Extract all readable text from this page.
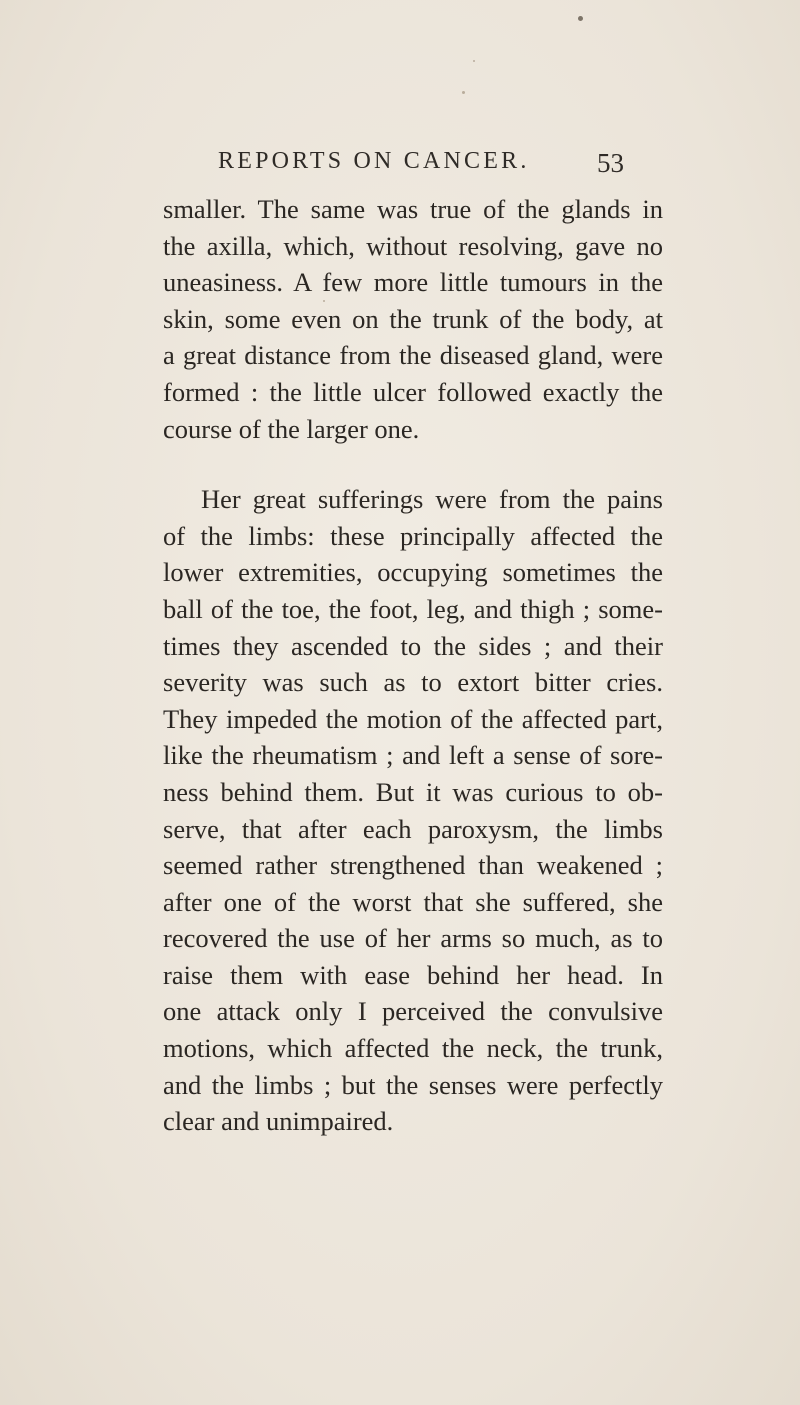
REPORTS ON CANCER. 53
smaller. The same was true of the glands in
the axilla, which, without resolving, gave no
uneasiness. A few more little tumours in the
skin, some even on the trunk of the body, at
a great distance from the diseased gland, were
formed : the little ulcer followed exactly the
course of the larger one.
Her great sufferings were from the pains
of the limbs: these principally affected the
lower extremities, occupying sometimes the
ball of the toe, the foot, leg, and thigh ; some-
times they ascended to the sides ; and their
severity was such as to extort bitter cries.
They impeded the motion of the affected part,
like the rheumatism ; and left a sense of sore-
ness behind them. But it was curious to ob-
serve, that after each paroxysm, the limbs
seemed rather strengthened than weakened ;
after one of the worst that she suffered, she
recovered the use of her arms so much, as to
raise them with ease behind her head. In
one attack only I perceived the convulsive
motions, which affected the neck, the trunk,
and the limbs ; but the senses were perfectly
clear and unimpaired.
